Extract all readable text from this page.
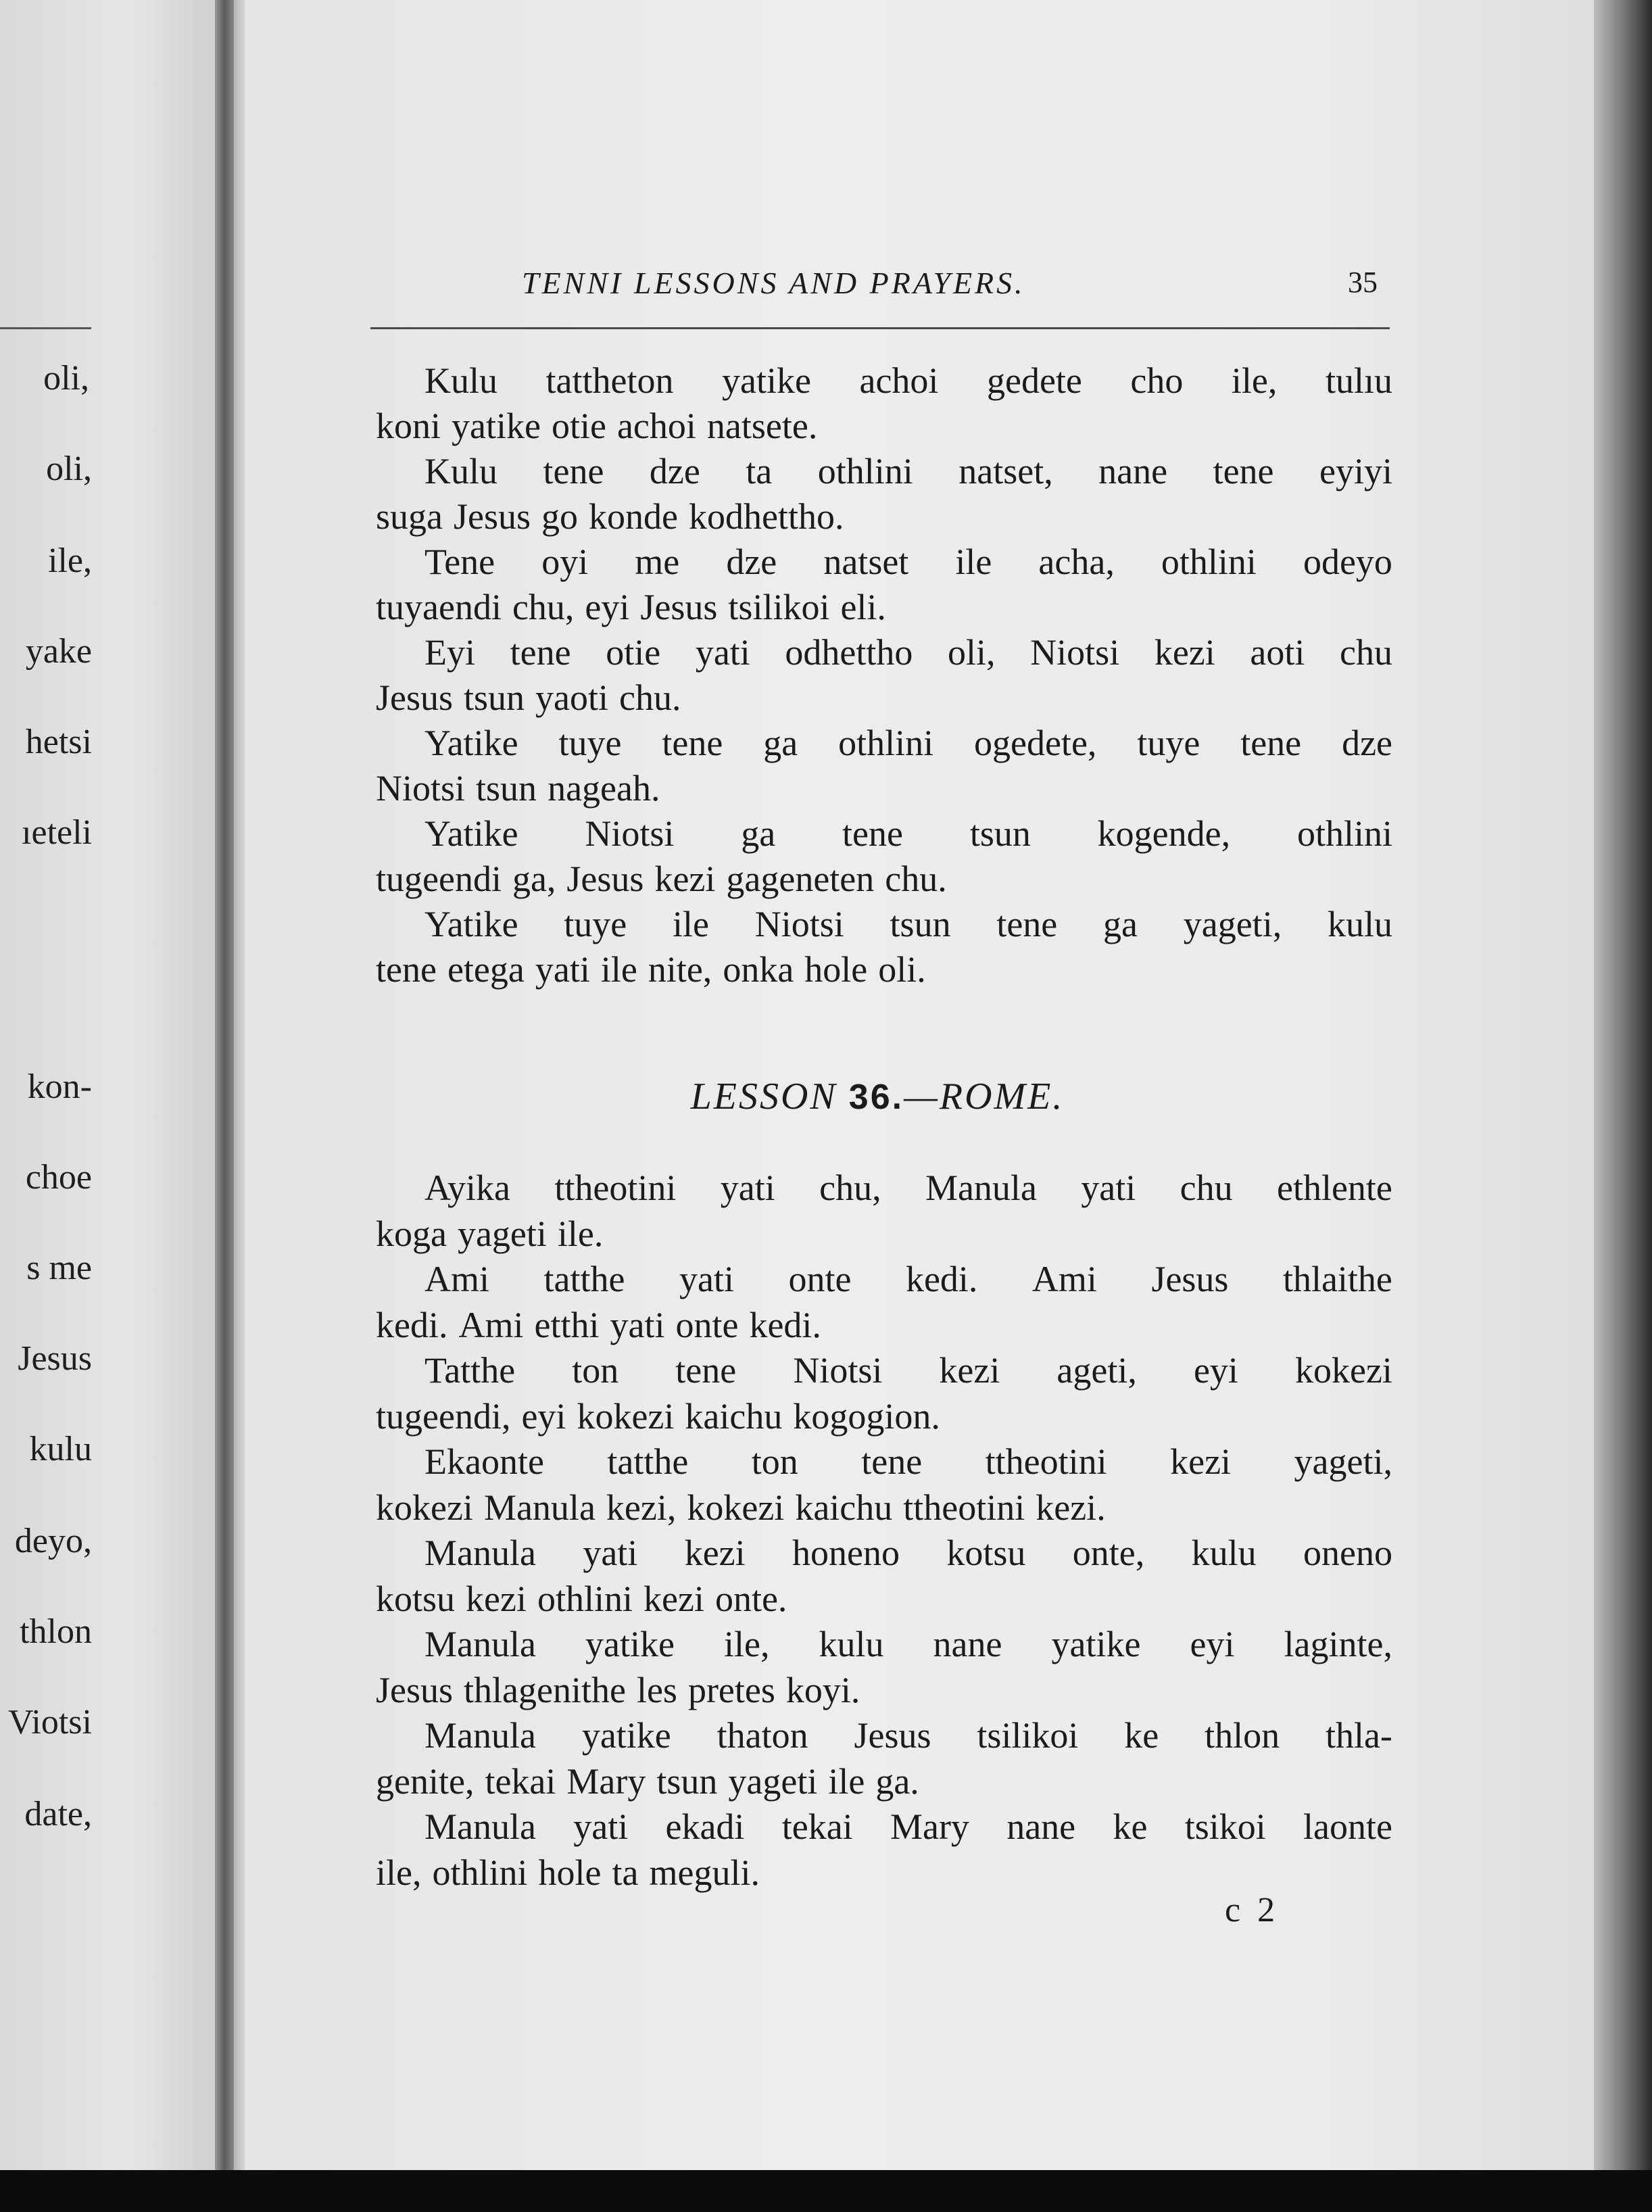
oli,
oli,
ile,
yake
hetsi
ıeteli
kon-
choe
s me
Jesus
kulu
deyo,
thlon
Viotsi
date,
TENNI LESSONS AND PRAYERS.	35
Kulu tattheton yatike achoi gedete cho ile, tulıu
koni yatike otie achoi natsete.
Kulu tene dze ta othlini natset, nane tene eyiyi
suga Jesus go konde kodhettho.
Tene oyi me dze natset ile acha, othlini odeyo
tuyaendi chu, eyi Jesus tsilikoi eli.
Eyi tene otie yati odhettho oli, Niotsi kezi aoti chu
Jesus tsun yaoti chu.
Yatike tuye tene ga othlini ogedete, tuye tene dze
Niotsi tsun nageah.
Yatike Niotsi ga tene tsun kogende, othlini
tugeendi ga, Jesus kezi gageneten chu.
Yatike tuye ile Niotsi tsun tene ga yageti, kulu
tene etega yati ile nite, onka hole oli.
LESSON 36.—ROME.
Ayika ttheotini yati chu, Manula yati chu ethlente
koga yageti ile.
Ami tatthe yati onte kedi. Ami Jesus thlaithe
kedi. Ami etthi yati onte kedi.
Tatthe ton tene Niotsi kezi ageti, eyi kokezi
tugeendi, eyi kokezi kaichu kogogion.
Ekaonte tatthe ton tene ttheotini kezi yageti,
kokezi Manula kezi, kokezi kaichu ttheotini kezi.
Manula yati kezi honeno kotsu onte, kulu oneno
kotsu kezi othlini kezi onte.
Manula yatike ile, kulu nane yatike eyi laginte,
Jesus thlagenithe les pretes koyi.
Manula yatike thaton Jesus tsilikoi ke thlon thla-
genite, tekai Mary tsun yageti ile ga.
Manula yati ekadi tekai Mary nane ke tsikoi laonte
ile, othlini hole ta meguli.
c 2
